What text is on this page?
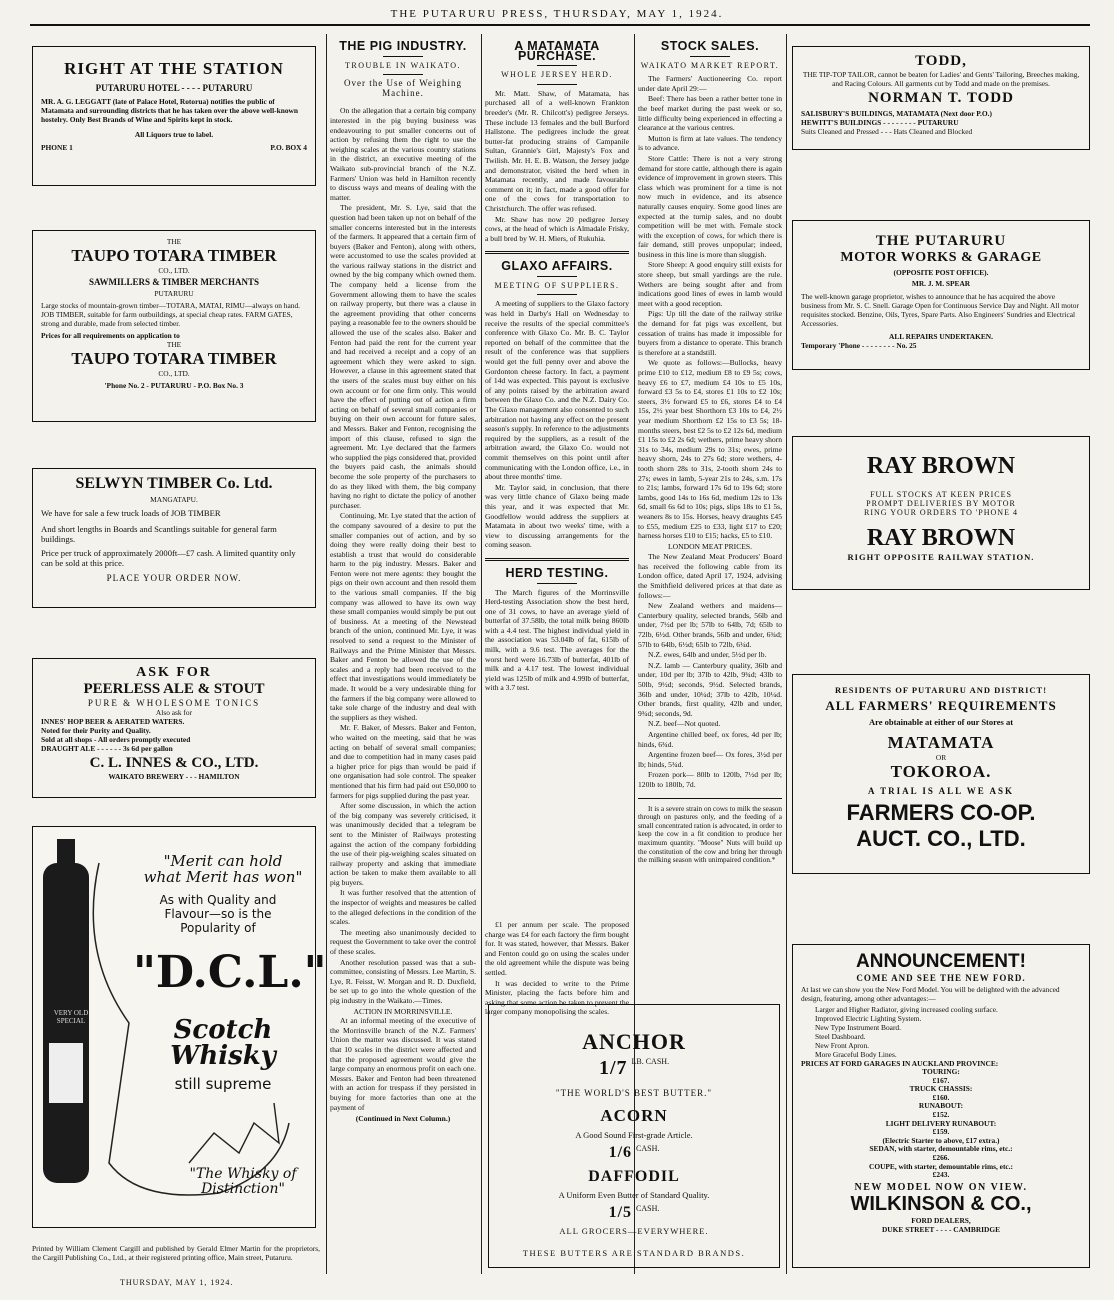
THE PUTARURU PRESS, THURSDAY, MAY 1, 1924.
RIGHT AT THE STATION
PUTARURU HOTEL - - - - PUTARURU
MR. A. G. LEGGATT (late of Palace Hotel, Rotorua) notifies the public of Matamata and surrounding districts that he has taken over the above well-known hostelry. Only Best Brands of Wine and Spirits kept in stock.
All Liquors true to label.
PHONE 1	P.O. BOX 4
THE
TAUPO TOTARA TIMBER
CO., LTD.
SAWMILLERS & TIMBER MERCHANTS
PUTARURU
Large stocks of mountain-grown timber—TOTARA, MATAI, RIMU—always on hand. JOB TIMBER, suitable for farm outbuildings, at special cheap rates. FARM GATES, strong and durable, made from selected timber.
Prices for all requirements on application to
THE
TAUPO TOTARA TIMBER
CO., LTD.
'Phone No. 2 - PUTARURU - P.O. Box No. 3
SELWYN TIMBER Co. Ltd.
MANGATAPU.
We have for sale a few truck loads of JOB TIMBER
And short lengths in Boards and Scantlings suitable for general farm buildings.
Price per truck of approximately 2000ft—£7 cash. A limited quantity only can be sold at this price.
PLACE YOUR ORDER NOW.
ASK FOR
PEERLESS ALE & STOUT
PURE & WHOLESOME TONICS
Also ask for
INNES' HOP BEER & AERATED WATERS.
Noted for their Purity and Quality.
Sold at all shops - All orders promptly executed
DRAUGHT ALE - - - - - - 3s 6d per gallon
C. L. INNES & CO., LTD.
WAIKATO BREWERY - - - HAMILTON
"Merit can hold what Merit has won"
As with Quality and Flavour—so is the Popularity of
"D.C.L."
Scotch Whisky
still supreme
VERY OLD SPECIAL
"The Whisky of Distinction"
Printed by William Clement Cargill and published by Gerald Elmer Martin for the proprietors, the Cargill Publishing Co., Ltd., at their registered printing office, Main street, Putaruru.
THURSDAY, MAY 1, 1924.
THE PIG INDUSTRY.
TROUBLE IN WAIKATO.
Over the Use of Weighing Machine.

On the allegation that a certain big company interested in the pig buying business was endeavouring to put smaller concerns out of action by refusing them the right to use the weighing scales at the various country stations in the district, an executive meeting of the Waikato sub-provincial branch of the N.Z. Farmers' Union was held in Hamilton recently to discuss ways and means of dealing with the matter.

The president, Mr. S. Lye, said that the question had been taken up not on behalf of the smaller concerns interested but in the interests of the farmers. It appeared that a certain firm of buyers (Baker and Fenton), along with others, were accustomed to use the scales provided at the various railway stations in the district and owned by the big company which owned them. The company held a license from the Government allowing them to have the scales on railway property, but there was a clause in the agreement providing that other concerns paying a reasonable fee to the owners should be allowed the use of the scales also. Baker and Fenton had paid the rent for the current year and had received a receipt and a copy of an agreement which they were asked to sign. However, a clause in this agreement stated that the users of the scales must buy either on his own account or for one firm only. This would have the effect of putting out of action a firm acting on behalf of several small companies or buying on their own account for future sales, and Messrs. Baker and Fenton, recognising the import of this clause, refused to sign the agreement. Mr. Lye declared that the farmers who supplied the pigs considered that, provided the buyers paid cash, the animals should become the sole property of the purchasers to do as they liked with them, the big company having no right to dictate the policy of another purchaser.

Continuing, Mr. Lye stated that the action of the company savoured of a desire to put the smaller companies out of action, and by so doing they were really doing their best to establish a trust that would do considerable harm to the pig industry. Messrs. Baker and Fenton were not mere agents: they bought the pigs on their own account and then resold them to the various small companies. If the big company was allowed to have its own way these small companies would simply be put out of business. At a meeting of the Newstead branch of the union, continued Mr. Lye, it was resolved to send a request to the Minister of Railways and the Prime Minister that Messrs. Baker and Fenton be allowed the use of the scales and a reply had been received to the effect that investigations would immediately be made. It would be a very undesirable thing for the farmers if the big company were allowed to take sole charge of the industry and deal with the suppliers as they wished.

Mr. F. Baker, of Messrs. Baker and Fenton, who waited on the meeting, said that he was acting on behalf of several small companies; and due to competition had in many cases paid a higher price for pigs than would be paid if one organisation had sole control. The speaker mentioned that his firm had paid out £50,000 to farmers for pigs supplied during the past year.

After some discussion, in which the action of the big company was severely criticised, it was unanimously decided that a telegram be sent to the Minister of Railways protesting against the action of the company forbidding the use of their pig-weighing scales situated on railway property and asking that immediate action be taken to make them available to all pig buyers.

It was further resolved that the attention of the inspector of weights and measures be called to the alleged defections in the condition of the scales.

The meeting also unanimously decided to request the Government to take over the control of these scales.

Another resolution passed was that a sub-committee, consisting of Messrs. Lee Martin, S. Lye, R. Feisst, W. Morgan and R. D. Duxfield, be set up to go into the whole question of the pig industry in the Waikato.—Times.

ACTION IN MORRINSVILLE.

At an informal meeting of the executive of the Morrinsville branch of the N.Z. Farmers' Union the matter was discussed. It was stated that 10 scales in the district were affected and that the proposed agreement would give the large company an enormous profit on each one. Messrs. Baker and Fenton had been threatened with an action for trespass if they persisted in buying for more factories than one at the payment of

(Continued in Next Column.)
A MATAMATA PURCHASE.
WHOLE JERSEY HERD.

Mr. Matt. Shaw, of Matamata, has purchased all of a well-known Frankton breeder's (Mr. R. Chilcott's) pedigree Jerseys. These include 13 females and the bull Burford Hallstone. The pedigrees include the great butter-fat producing strains of Campanile Sultan, Grannie's Girl, Majesty's Fox and Twilish. Mr. H. E. B. Watson, the Jersey judge and demonstrator, visited the herd when in Matamata recently, and made favourable comment on it; in fact, made a good offer for one of the cows for transportation to Christchurch. The offer was refused.

Mr. Shaw has now 20 pedigree Jersey cows, at the head of which is Almadale Frisky, a bull bred by W. H. Miers, of Rukuhia.

GLAXO AFFAIRS.
MEETING OF SUPPLIERS.

A meeting of suppliers to the Glaxo factory was held in Darby's Hall on Wednesday to receive the results of the special committee's conference with Glaxo Co. Mr. B. C. Taylor reported on behalf of the committee that the result of the conference was that suppliers would get the full penny over and above the Gordonton cheese factory. In fact, a payment of 14d was expected. This payout is exclusive of any points raised by the arbitration award between the Glaxo Co. and the N.Z. Dairy Co. The Glaxo management also consented to such arbitration not having any effect on the present season's supply. In reference to the adjustments required by the suppliers, as a result of the arbitration award, the Glaxo Co. would not commit themselves on this point until after communicating with the London office, i.e., in about three months' time.

Mr. Taylor said, in conclusion, that there was very little chance of Glaxo being made this year, and it was expected that Mr. Goodfellow would address the suppliers at Matamata in about two weeks' time, with a view to discussing arrangements for the coming season.

HERD TESTING.

The March figures of the Morrinsville Herd-testing Association show the best herd, one of 31 cows, to have an average yield of butterfat of 37.58lb, the total milk being 860lb with a 4.4 test. The highest individual yield in the association was 53.04lb of fat, 615lb of milk, with a 9.6 test. The averages for the worst herd were 16.73lb of butterfat, 401lb of milk and a 4.17 test. The lowest individual yield was 125lb of milk and 4.99lb of butterfat, with a 3.7 test.

£1 per annum per scale. The proposed charge was £4 for each factory the firm bought for. It was stated, however, that Messrs. Baker and Fenton could go on using the scales under the old agreement while the dispute was being settled.

It was decided to write to the Prime Minister, placing the facts before him and asking that some action be taken to prevent the larger company monopolising the scales.

STOCK SALES.
WAIKATO MARKET REPORT.

The Farmers' Auctioneering Co. report under date April 29:—

Beef: There has been a rather better tone in the beef market during the past week or so, little difficulty being experienced in effecting a clearance at the various centres.

Mutton is firm at late values. The tendency is to advance.

Store Cattle: There is not a very strong demand for store cattle, although there is again evidence of improvement in grown steers. This class which was prominent for a time is not now much in evidence, and its absence naturally causes enquiry. Some good lines are expected at the turnip sales, and no doubt competition will be met with. Female stock with the exception of cows, for which there is fair demand, still proves unpopular; indeed, business in this line is more than sluggish.

Store Sheep: A good enquiry still exists for store sheep, but small yardings are the rule. Wethers are being sought after and from indications good lines of ewes in lamb would meet with a good reception.

Pigs: Up till the date of the railway strike the demand for fat pigs was excellent, but cessation of trains has made it impossible for buyers from a distance to operate. This branch is therefore at a standstill.

We quote as follows:—Bullocks, heavy prime £10 to £12, medium £8 to £9 5s; cows, heavy £6 to £7, medium £4 10s to £5 10s, forward £3 5s to £4, stores £1 10s to £2 10s; steers, 3½ forward £5 to £6, stores £4 to £4 15s, 2½ year best Shorthorn £3 10s to £4, 2½ year medium Shorthorn £2 15s to £3 5s; 18-months steers, best £2 5s to £2 12s 6d, medium £1 15s to £2 2s 6d; wethers, prime heavy shorn 31s to 34s, medium 29s to 31s; ewes, prime heavy shorn, 24s to 27s 6d; store wethers, 4-tooth shorn 28s to 31s, 2-tooth shorn 24s to 27s; ewes in lamb, 5-year 21s to 24s, s.m. 17s to 21s; lambs, forward 17s 6d to 19s 6d; store lambs, good 14s to 16s 6d, medium 12s to 13s 6d, small 6s 6d to 10s; pigs, slips 18s to £1 5s, weaners 8s to 15s. Horses, heavy draughts £45 to £55, medium £25 to £33, light £17 to £20; harness horses £10 to £15; hacks, £5 to £10.

LONDON MEAT PRICES.

The New Zealand Meat Producers' Board has received the following cable from its London office, dated April 17, 1924, advising the Smithfield delivered prices at that date as follows:—

New Zealand wethers and maidens—Canterbury quality, selected brands, 56lb and under, 7½d per lb; 57lb to 64lb, 7d; 65lb to 72lb, 6½d. Other brands, 56lb and under, 6¾d; 57lb to 64lb, 6½d; 65lb to 72lb, 6¼d.

N.Z. ewes, 64lb and under, 5½d per lb.

N.Z. lamb — Canterbury quality, 36lb and under, 10d per lb; 37lb to 42lb, 9¾d; 43lb to 50lb, 9½d; seconds, 9½d. Selected brands, 36lb and under, 10¼d; 37lb to 42lb, 10¼d. Other brands, first quality, 42lb and under, 9¾d; seconds, 9d.

N.Z. beef—Not quoted.

Argentine chilled beef, ox fores, 4d per lb; hinds, 6¾d.

Argentine frozen beef— Ox fores, 3½d per lb; hinds, 5¾d.

Frozen pork— 80lb to 120lb, 7½d per lb; 120lb to 180lb, 7d.

It is a severe strain on cows to milk the season through on pastures only, and the feeding of a small concentrated ration is advocated, in order to keep the cow in a fit condition to produce her maximum quantity. "Moose" Nuts will build up the constitution of the cow and bring her through the milking season with unimpaired condition.*

ANCHOR
1/7 $^{LB. CASH.}$
"THE WORLD'S BEST BUTTER."
ACORN
A Good Sound First-grade Article.
1/6 $^{CASH.}$
DAFFODIL
A Uniform Even Butter of Standard Quality.
1/5 $^{CASH.}$
ALL GROCERS—EVERYWHERE.
THESE BUTTERS ARE STANDARD BRANDS.
TODD,
THE TIP-TOP TAILOR, cannot be beaten for Ladies' and Gents' Tailoring, Breeches making, and Racing Colours. All garments cut by Todd and made on the premises.
NORMAN T. TODD
SALISBURY'S BUILDINGS, MATAMATA (Next door P.O.)
HEWITT'S BUILDINGS - - - - - - - - PUTARURU
Suits Cleaned and Pressed - - - Hats Cleaned and Blocked
THE PUTARURU
MOTOR WORKS & GARAGE
(OPPOSITE POST OFFICE).
MR. J. M. SPEAR
The well-known garage proprietor, wishes to announce that he has acquired the above business from Mr. S. C. Snell. Garage Open for Continuous Service Day and Night. All motor requisites stocked. Benzine, Oils, Tyres, Spare Parts. Also Engineers' Sundries and Electrical Accessories.
ALL REPAIRS UNDERTAKEN.
Temporary 'Phone - - - - - - - - No. 25
RAY BROWN
FULL STOCKS AT KEEN PRICES
PROMPT DELIVERIES BY MOTOR
RING YOUR ORDERS TO 'PHONE 4
RAY BROWN
RIGHT OPPOSITE RAILWAY STATION.
RESIDENTS OF PUTARURU AND DISTRICT!
ALL FARMERS' REQUIREMENTS
Are obtainable at either of our Stores at
MATAMATA
OR
TOKOROA.
A TRIAL IS ALL WE ASK
FARMERS CO-OP.
AUCT. CO., LTD.
ANNOUNCEMENT!
COME AND SEE THE NEW FORD.
At last we can show you the New Ford Model. You will be delighted with the advanced design, featuring, among other advantages:—
Larger and Higher Radiator, giving increased cooling surface.
Improved Electric Lighting System.
New Type Instrument Board.
Steel Dashboard.
New Front Apron.
More Graceful Body Lines.
PRICES AT FORD GARAGES IN AUCKLAND PROVINCE:
TOURING:
£167.
TRUCK CHASSIS:
£160.
RUNABOUT:
£152.
LIGHT DELIVERY RUNABOUT:
£159.
(Electric Starter to above, £17 extra.)
SEDAN, with starter, demountable rims, etc.:
£266.
COUPE, with starter, demountable rims, etc.:
£243.
NEW MODEL NOW ON VIEW.
WILKINSON & CO.,
FORD DEALERS,
DUKE STREET - - - - CAMBRIDGE
